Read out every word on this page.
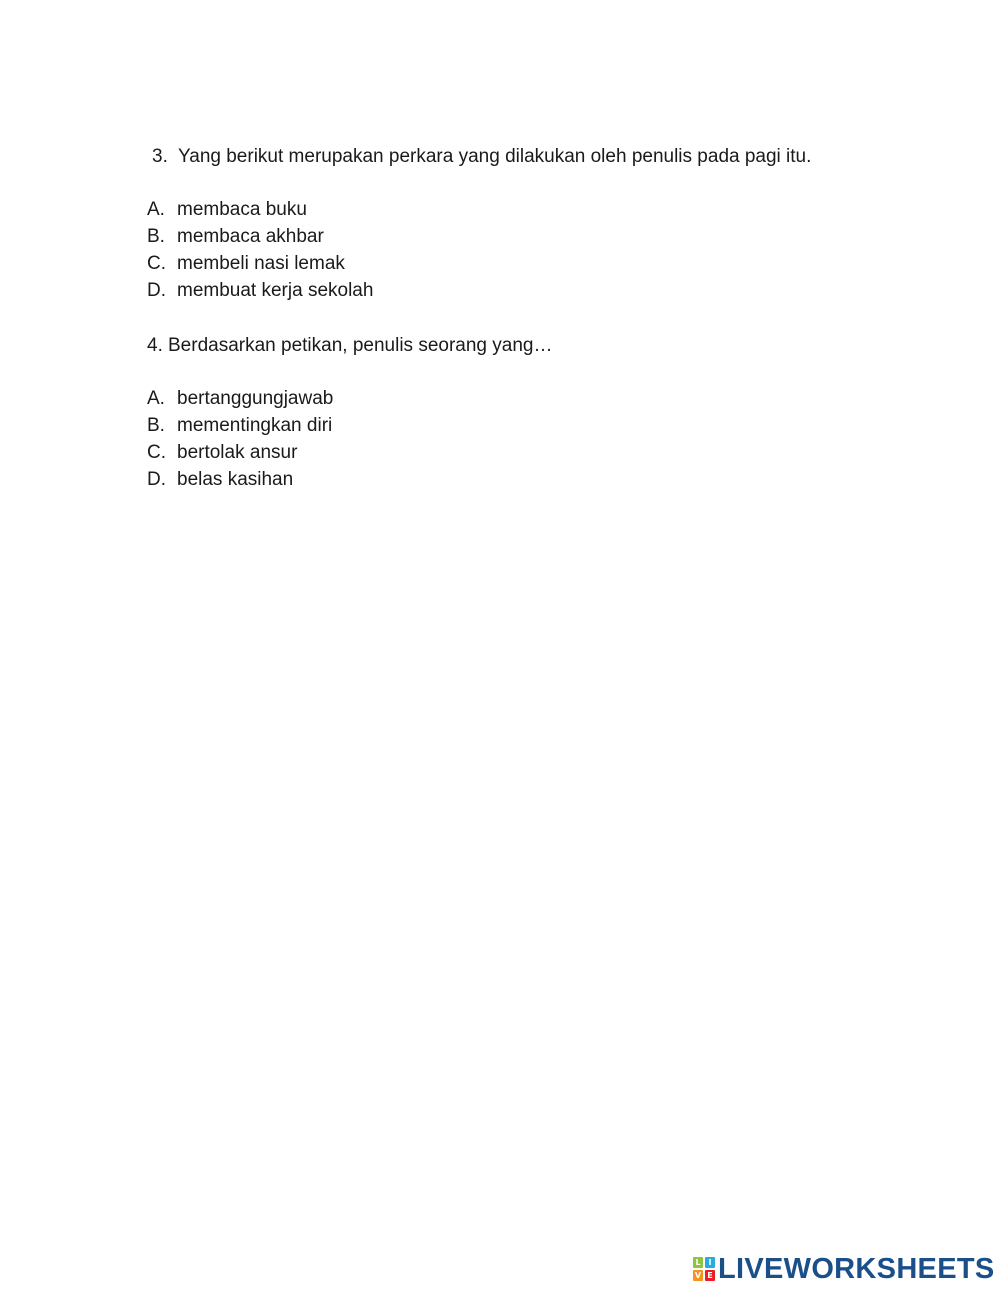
3. Yang berikut merupakan perkara yang dilakukan oleh penulis pada pagi itu.
A. membaca buku
B. membaca akhbar
C. membeli nasi lemak
D. membuat kerja sekolah
4. Berdasarkan petikan, penulis seorang yang…
A. bertanggungjawab
B. mementingkan diri
C. bertolak ansur
D. belas kasihan
L I
V E LIVEWORKSHEETS
